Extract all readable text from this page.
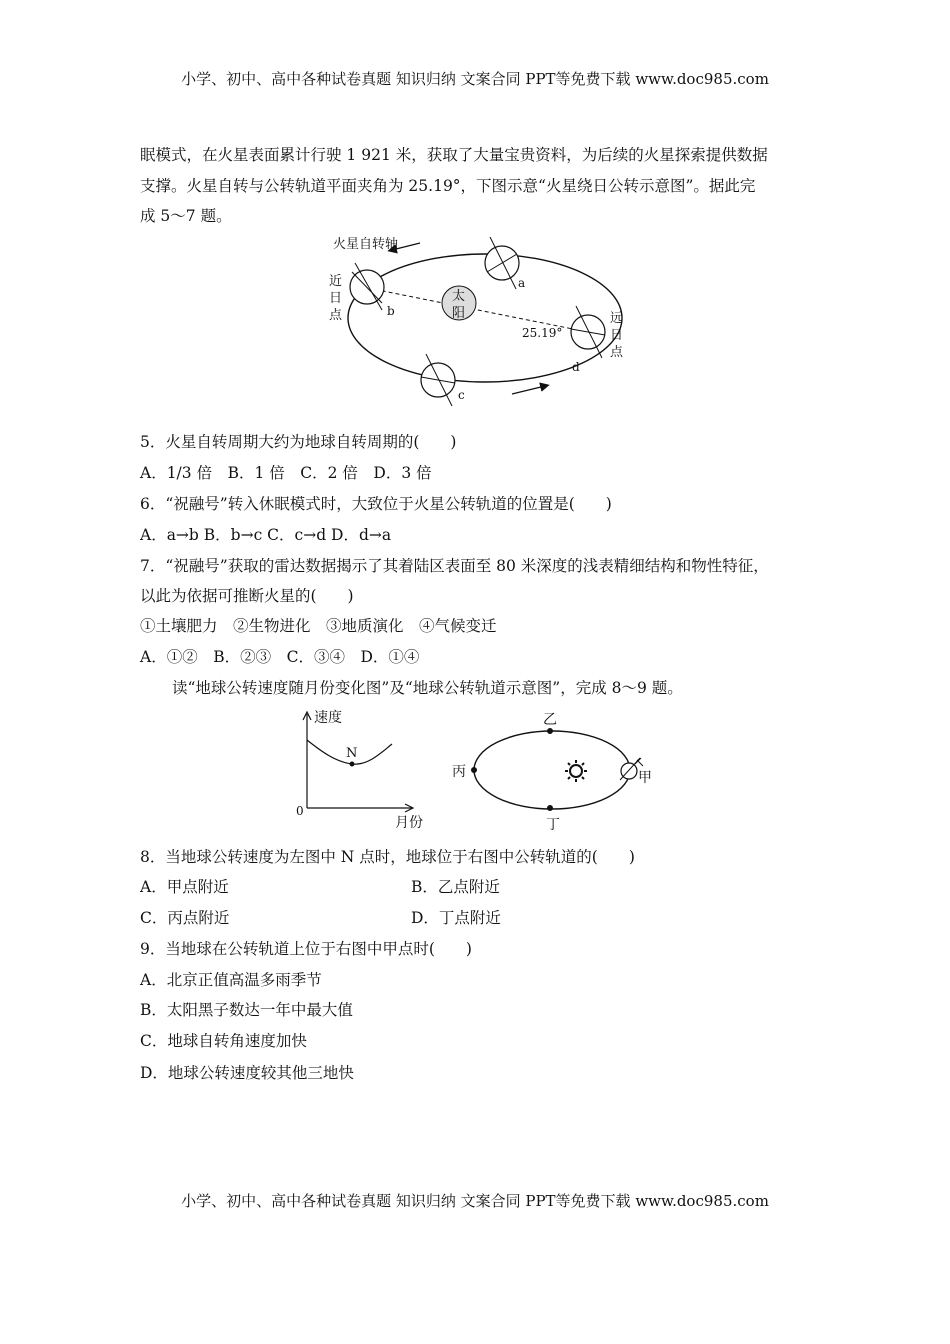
小学、初中、高中各种试卷真题 知识归纳 文案合同 PPT等免费下载 www.doc985.com
眠模式，在火星表面累计行驶 1 921 米，获取了大量宝贵资料，为后续的火星探索提供数据
支撑。火星自转与公转轨道平面夹角为 25.19°，下图示意“火星绕日公转示意图”。据此完
成 5～7 题。
火星自转轴
太
阳
近
日
点	b
a
25.19°
远
日
点
d
c
5．火星自转周期大约为地球自转周期的(　　)
A．1/3 倍　B．1 倍　C．2 倍　D．3 倍
6．“祝融号”转入休眠模式时，大致位于火星公转轨道的位置是(　　)
A．a→b B．b→c C．c→d D．d→a
7．“祝融号”获取的雷达数据揭示了其着陆区表面至 80 米深度的浅表精细结构和物性特征，
以此为依据可推断火星的(　　)
①土壤肥力　②生物进化　③地质演化　④气候变迁
A．①②　B．②③　C．③④　D．①④
读“地球公转速度随月份变化图”及“地球公转轨道示意图”，完成 8～9 题。
速度
月份
0
N
乙
丙
丁
甲
8．当地球公转速度为左图中 N 点时，地球位于右图中公转轨道的(　　)
A．甲点附近	B．乙点附近
C．丙点附近	D．丁点附近
9．当地球在公转轨道上位于右图中甲点时(　　)
A．北京正值高温多雨季节
B．太阳黑子数达一年中最大值
C．地球自转角速度加快
D．地球公转速度较其他三地快
小学、初中、高中各种试卷真题 知识归纳 文案合同 PPT等免费下载 www.doc985.com
